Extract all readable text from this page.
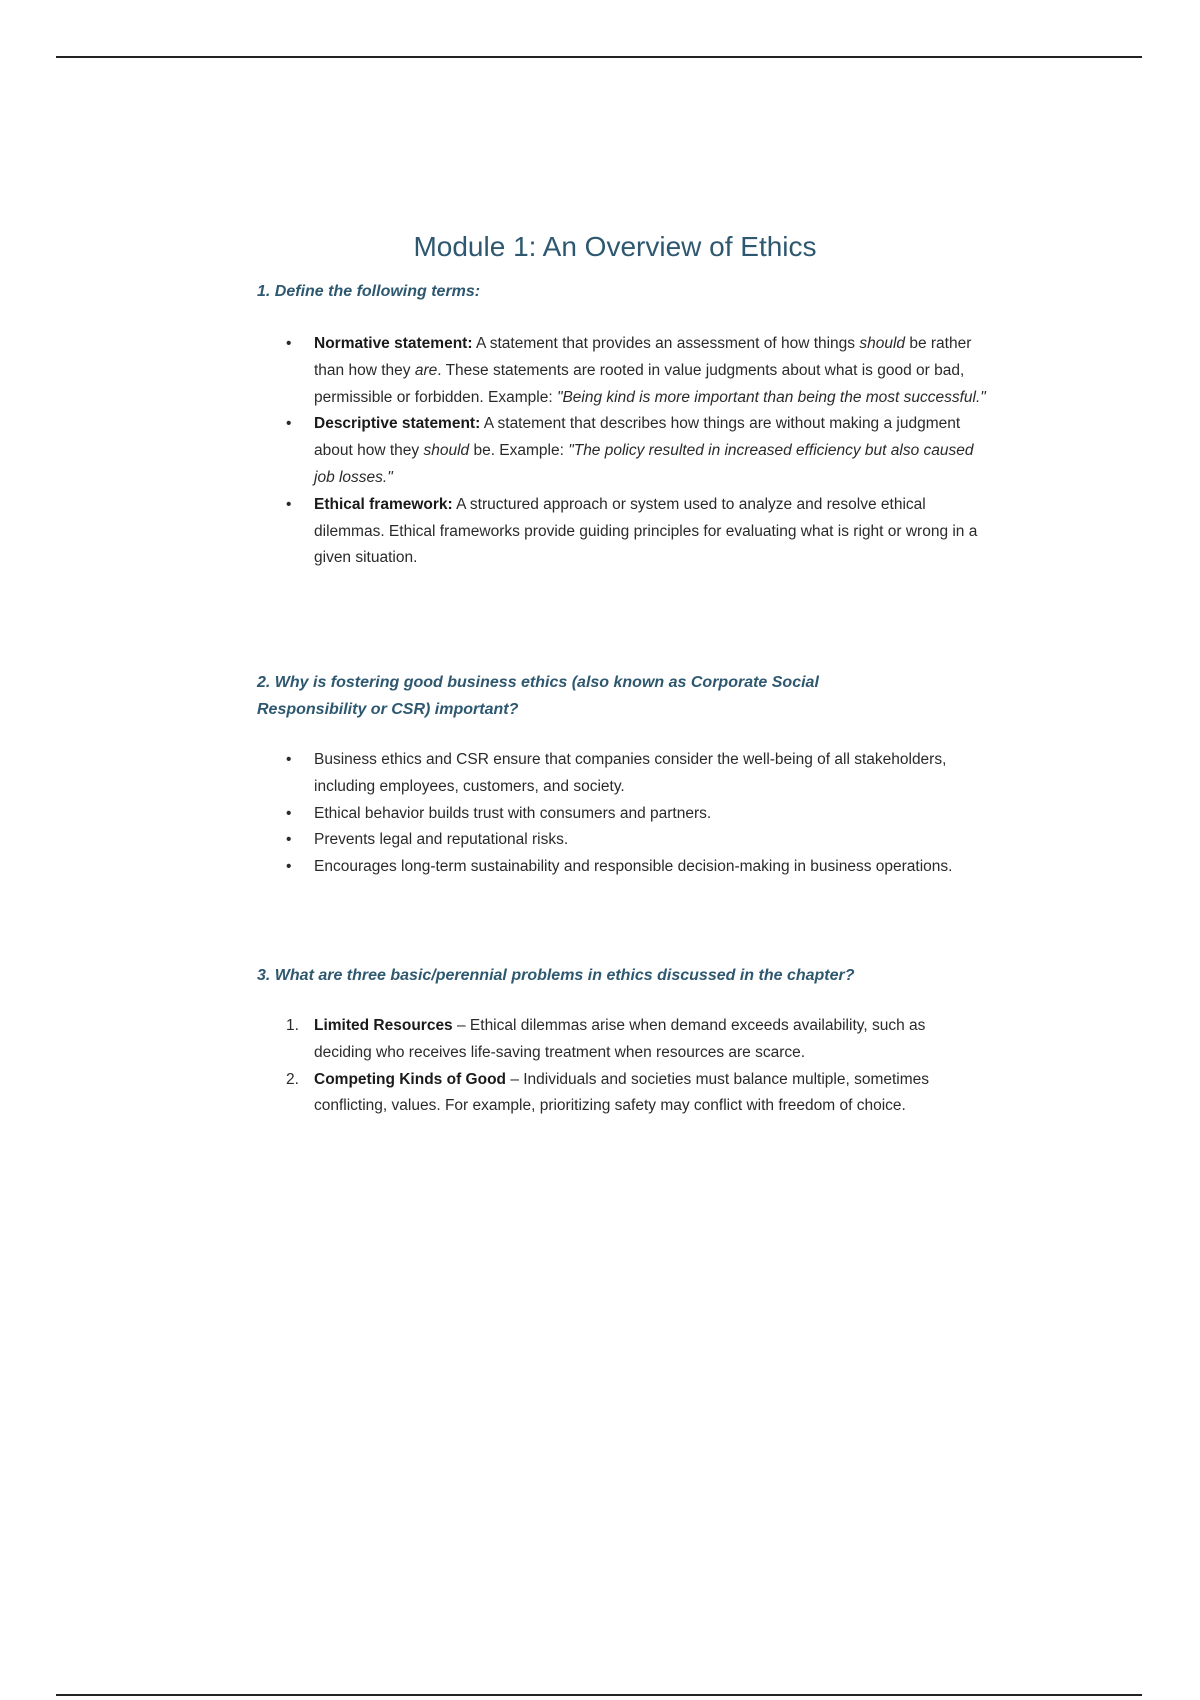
Module 1: An Overview of Ethics
1. Define the following terms:
•	Normative statement: A statement that provides an assessment of how things should be rather than how they are. These statements are rooted in value judgments about what is good or bad, permissible or forbidden. Example: "Being kind is more important than being the most successful."
•	Descriptive statement: A statement that describes how things are without making a judgment about how they should be. Example: "The policy resulted in increased efficiency but also caused job losses."
•	Ethical framework: A structured approach or system used to analyze and resolve ethical dilemmas. Ethical frameworks provide guiding principles for evaluating what is right or wrong in a given situation.
2. Why is fostering good business ethics (also known as Corporate Social Responsibility or CSR) important?
•	Business ethics and CSR ensure that companies consider the well-being of all stakeholders, including employees, customers, and society.
•	Ethical behavior builds trust with consumers and partners.
•	Prevents legal and reputational risks.
•	Encourages long-term sustainability and responsible decision-making in business operations.
3. What are three basic/perennial problems in ethics discussed in the chapter?
1. Limited Resources – Ethical dilemmas arise when demand exceeds availability, such as deciding who receives life-saving treatment when resources are scarce.
2. Competing Kinds of Good – Individuals and societies must balance multiple, sometimes conflicting, values. For example, prioritizing safety may conflict with freedom of choice.
